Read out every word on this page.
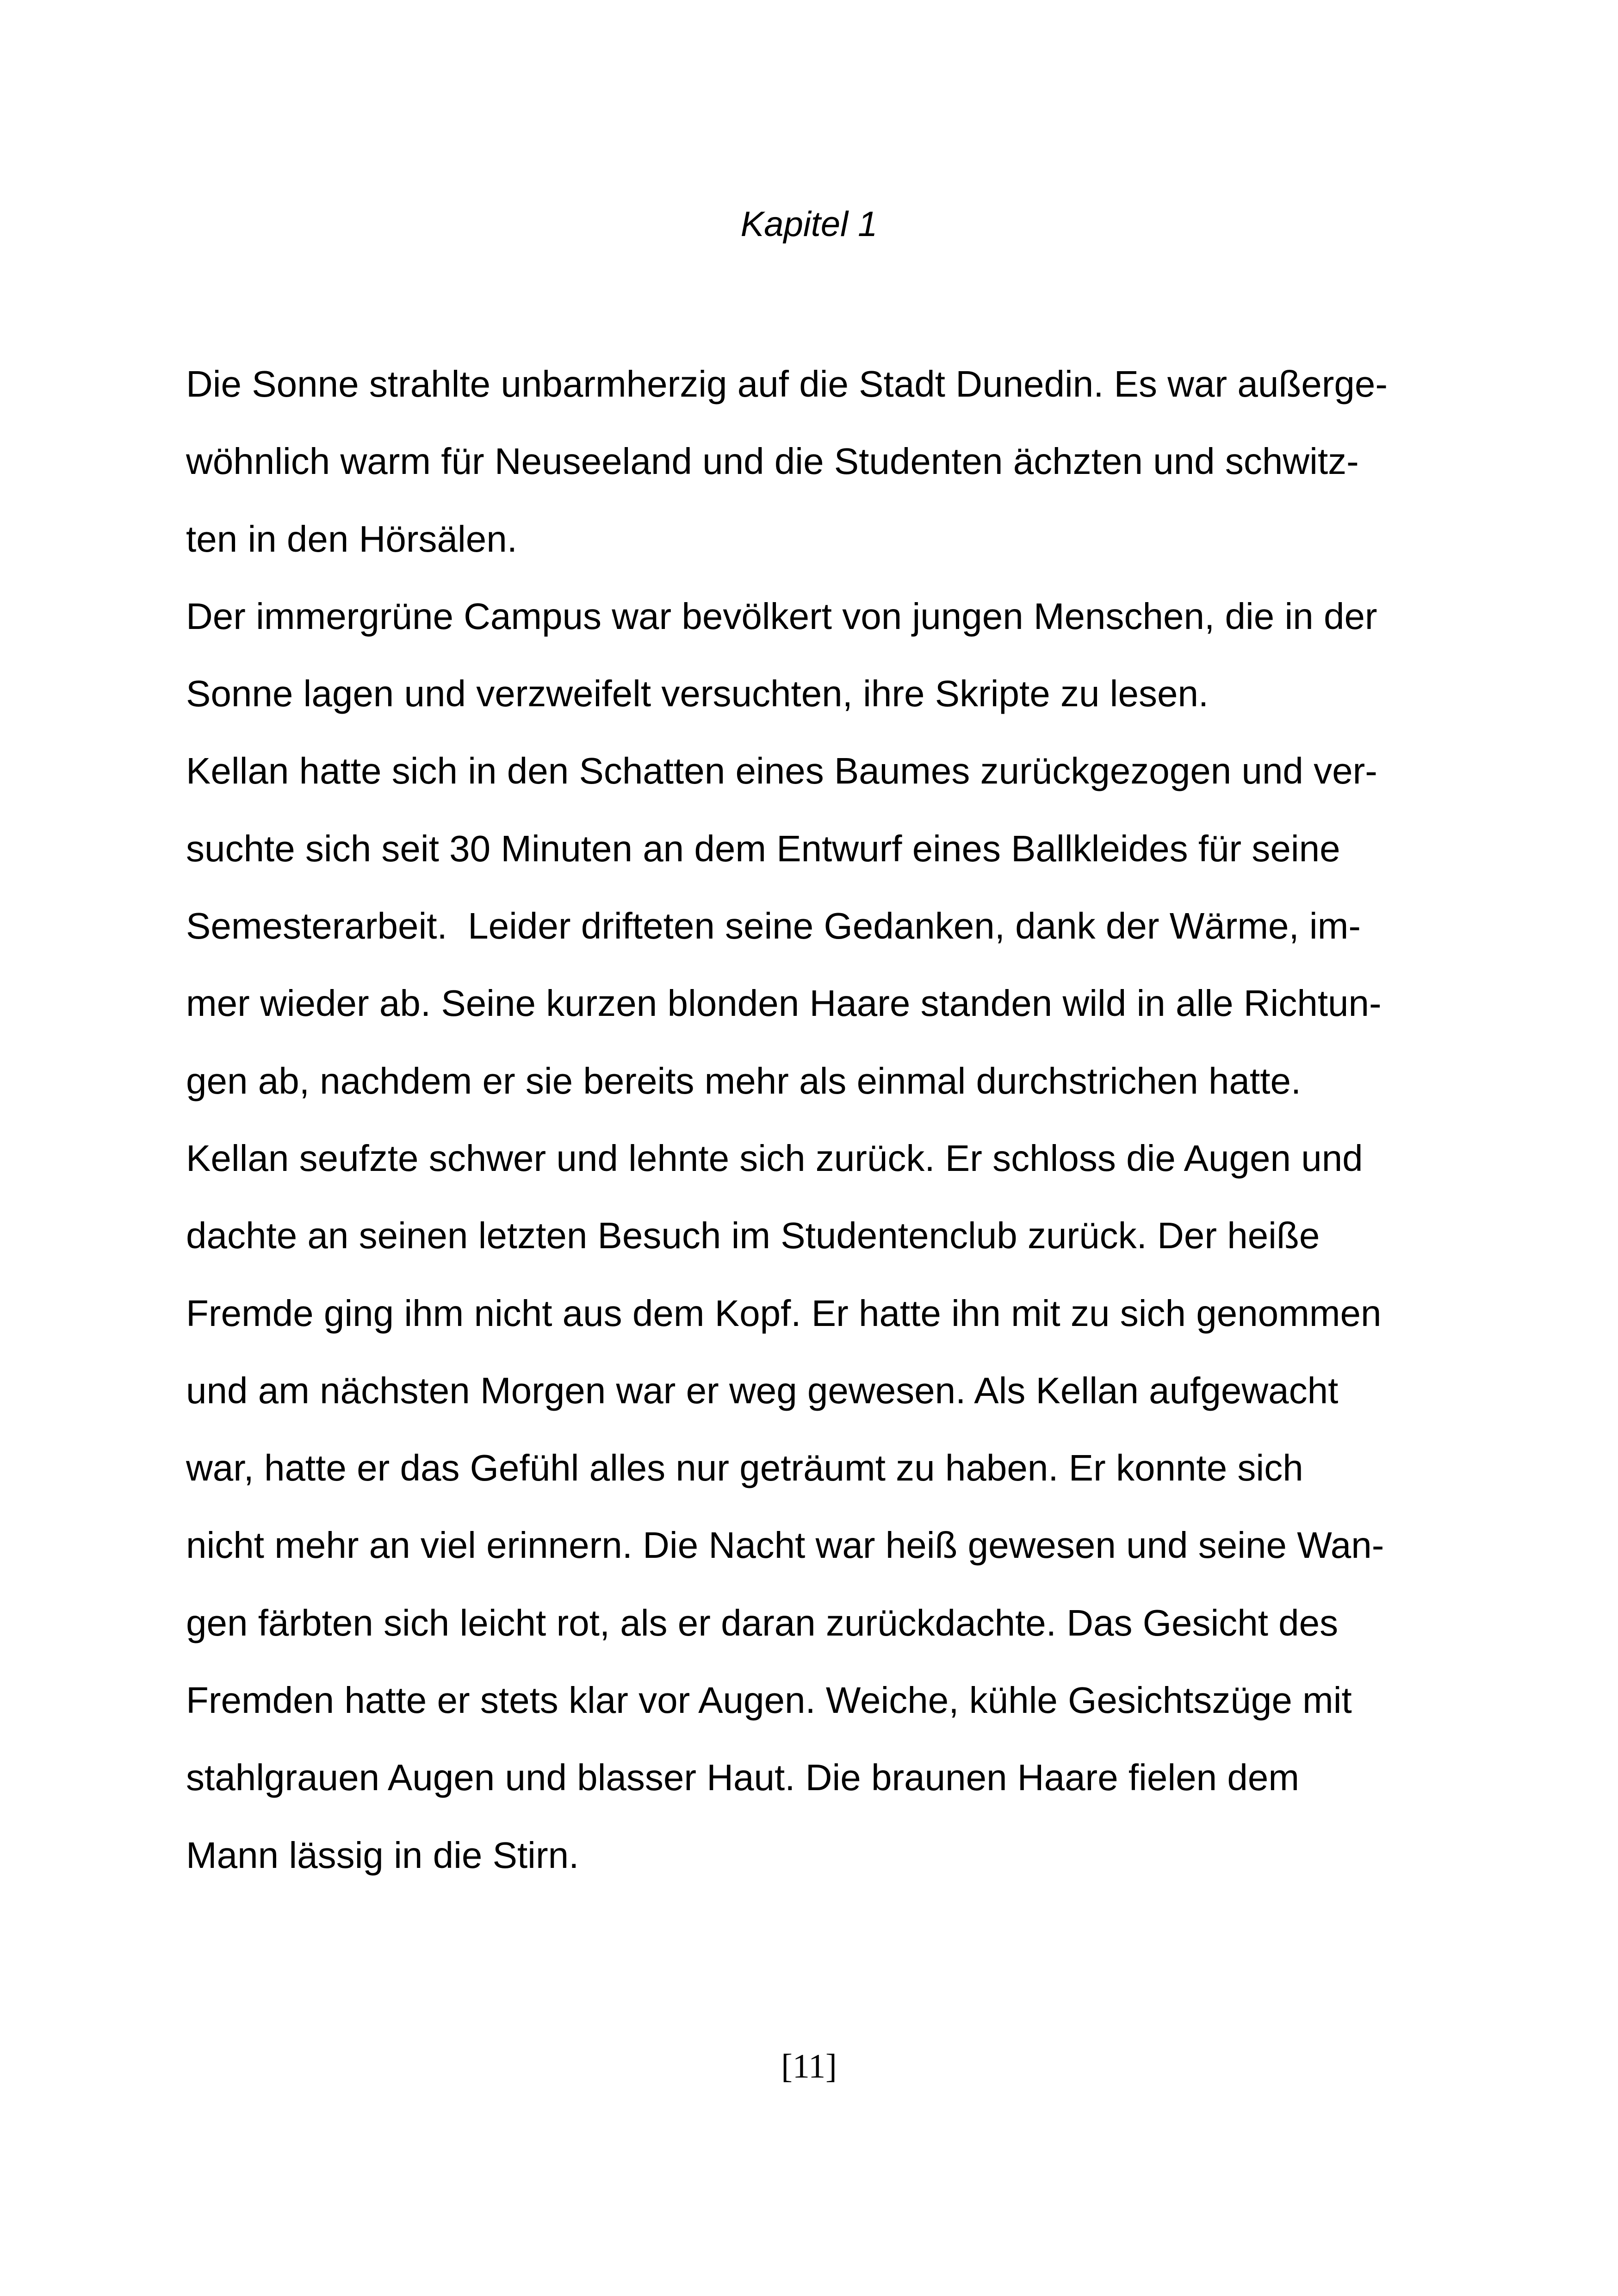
Kapitel 1
Die Sonne strahlte unbarmherzig auf die Stadt Dunedin. Es war außerge-
wöhnlich warm für Neuseeland und die Studenten ächzten und schwitz-
ten in den Hörsälen.
Der immergrüne Campus war bevölkert von jungen Menschen, die in der
Sonne lagen und verzweifelt versuchten, ihre Skripte zu lesen.
Kellan hatte sich in den Schatten eines Baumes zurückgezogen und ver-
suchte sich seit 30 Minuten an dem Entwurf eines Ballkleides für seine
Semesterarbeit.  Leider drifteten seine Gedanken, dank der Wärme, im-
mer wieder ab. Seine kurzen blonden Haare standen wild in alle Richtun-
gen ab, nachdem er sie bereits mehr als einmal durchstrichen hatte.
Kellan seufzte schwer und lehnte sich zurück. Er schloss die Augen und
dachte an seinen letzten Besuch im Studentenclub zurück. Der heiße
Fremde ging ihm nicht aus dem Kopf. Er hatte ihn mit zu sich genommen
und am nächsten Morgen war er weg gewesen. Als Kellan aufgewacht
war, hatte er das Gefühl alles nur geträumt zu haben. Er konnte sich
nicht mehr an viel erinnern. Die Nacht war heiß gewesen und seine Wan-
gen färbten sich leicht rot, als er daran zurückdachte. Das Gesicht des
Fremden hatte er stets klar vor Augen. Weiche, kühle Gesichtszüge mit
stahlgrauen Augen und blasser Haut. Die braunen Haare fielen dem
Mann lässig in die Stirn.
[11]
